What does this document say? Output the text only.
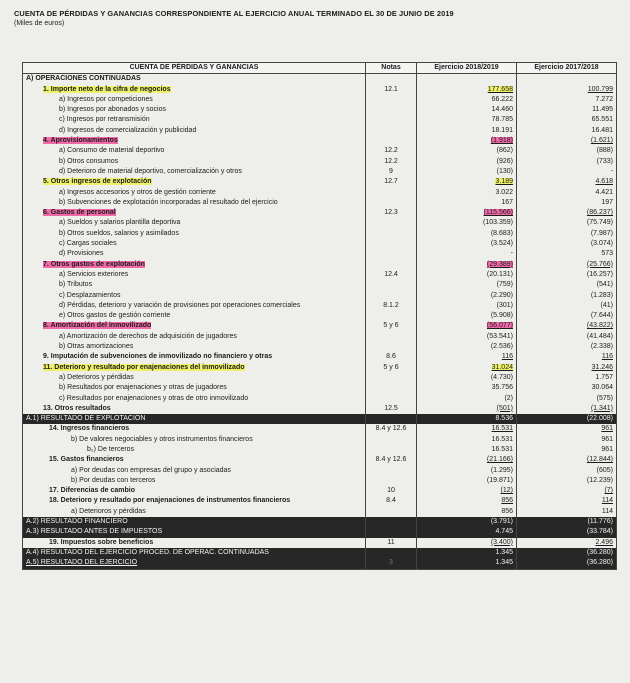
CUENTA DE PÉRDIDAS Y GANANCIAS CORRESPONDIENTE AL EJERCICIO ANUAL TERMINADO EL 30 DE JUNIO DE 2019
(Miles de euros)
CUENTA DE PÉRDIDAS Y GANANCIAS	Notas	Ejercicio 2018/2019	Ejercicio 2017/2018
A) OPERACIONES CONTINUADAS			
1. Importe neto de la cifra de negocios	12.1	177.658	100.799
a) Ingresos por competiciones		66.222	7.272
b) Ingresos por abonados y socios		14.460	11.495
c) Ingresos por retransmisión		78.785	65.551
d) Ingresos de comercialización y publicidad		18.191	16.481
4. Aprovisionamientos		(1.918)	(1.621)
a) Consumo de material deportivo	12.2	(862)	(888)
b) Otros consumos	12.2	(926)	(733)
d) Deterioro de material deportivo, comercialización y otros	9	(130)	-
5. Otros ingresos de explotación	12.7	3.189	4.618
a) Ingresos accesorios y otros de gestión corriente		3.022	4.421
b) Subvenciones de explotación incorporadas al resultado del ejercicio		167	197
6. Gastos de personal	12.3	(115.566)	(86.237)
a) Sueldos y salarios plantilla deportiva		(103.359)	(75.749)
b) Otros sueldos, salarios y asimilados		(8.683)	(7.987)
c) Cargas sociales		(3.524)	(3.074)
d) Provisiones		-	573
7. Otros gastos de explotación		(29.389)	(25.766)
a) Servicios exteriores	12.4	(20.131)	(16.257)
b) Tributos		(759)	(541)
c) Desplazamientos		(2.290)	(1.283)
d) Pérdidas, deterioro y variación de provisiones por operaciones comerciales	8.1.2	(301)	(41)
e) Otros gastos de gestión corriente		(5.908)	(7.644)
8. Amortización del inmovilizado	5 y 6	(56.077)	(43.822)
a) Amortización de derechos de adquisición de jugadores		(53.541)	(41.484)
b) Otras amortizaciones		(2.536)	(2.338)
9. Imputación de subvenciones de inmovilizado no financiero y otras	8.6	116	116
11. Deterioro y resultado por enajenaciones del inmovilizado	5 y 6	31.024	31.246
a) Deterioros y pérdidas		(4.730)	1.757
b) Resultados por enajenaciones y otras de jugadores		35.756	30.064
c) Resultados por enajenaciones y otras de otro inmovilizado		(2)	(575)
13. Otros resultados	12.5	(501)	(1.341)
A.1) RESULTADO DE EXPLOTACIÓN		8.536	(22.008)
14. Ingresos financieros	8.4 y 12.6	16.531	961
b) De valores negociables y otros instrumentos financieros		16.531	961
b₂) De terceros		16.531	961
15. Gastos financieros	8.4 y 12.6	(21.166)	(12.844)
a) Por deudas con empresas del grupo y asociadas		(1.295)	(605)
b) Por deudas con terceros		(19.871)	(12.239)
17. Diferencias de cambio	10	(12)	(7)
18. Deterioro y resultado por enajenaciones de instrumentos financieros	8.4	856	114
a) Deterioros y pérdidas		856	114
A.2) RESULTADO FINANCIERO		(3.791)	(11.776)
A.3) RESULTADO ANTES DE IMPUESTOS		4.745	(33.784)
19. Impuestos sobre beneficios	11	(3.400)	2.496
A.4) RESULTADO DEL EJERCICIO PROCED. DE OPERAC. CONTINUADAS		1.345	(36.280)
A.5) RESULTADO DEL EJERCICIO	3	1.345	(36.280)
